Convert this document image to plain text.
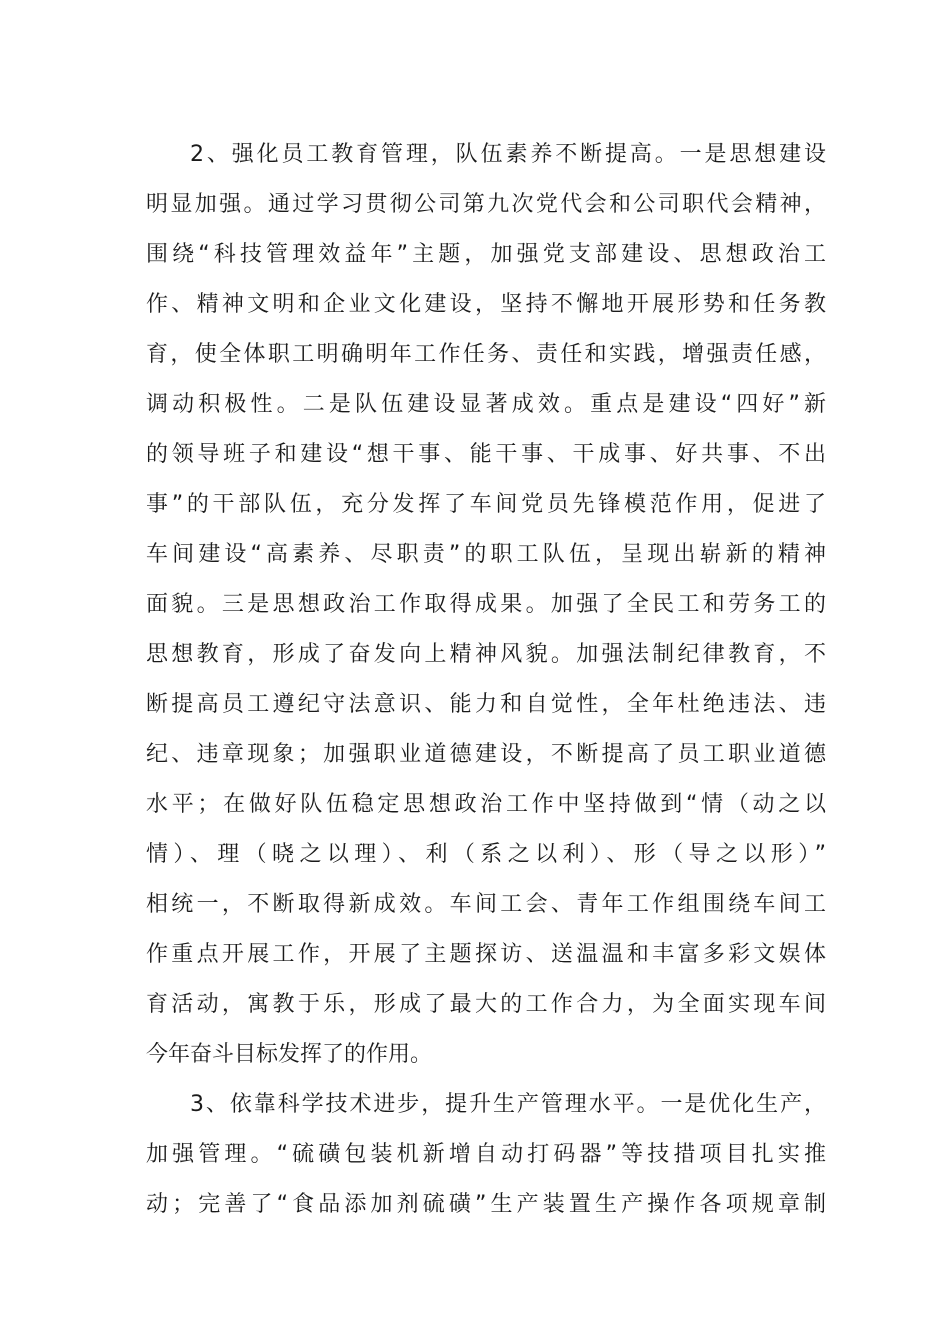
2、强化员工教育管理，队伍素养不断提高。一是思想建设
明显加强。通过学习贯彻公司第九次党代会和公司职代会精神，
围绕“科技管理效益年”主题，加强党支部建设、思想政治工
作、精神文明和企业文化建设，坚持不懈地开展形势和任务教
育，使全体职工明确明年工作任务、责任和实践，增强责任感，
调动积极性。二是队伍建设显著成效。重点是建设“四好”新
的领导班子和建设“想干事、能干事、干成事、好共事、不出
事”的干部队伍，充分发挥了车间党员先锋模范作用，促进了
车间建设“高素养、尽职责”的职工队伍，呈现出崭新的精神
面貌。三是思想政治工作取得成果。加强了全民工和劳务工的
思想教育，形成了奋发向上精神风貌。加强法制纪律教育，不
断提高员工遵纪守法意识、能力和自觉性，全年杜绝违法、违
纪、违章现象；加强职业道德建设，不断提高了员工职业道德
水平；在做好队伍稳定思想政治工作中坚持做到“情（动之以
情）、理（晓之以理）、利（系之以利）、形（导之以形）”
相统一，不断取得新成效。车间工会、青年工作组围绕车间工
作重点开展工作，开展了主题探访、送温温和丰富多彩文娱体
育活动，寓教于乐，形成了最大的工作合力，为全面实现车间
今年奋斗目标发挥了的作用。
3、依靠科学技术进步，提升生产管理水平。一是优化生产，
加强管理。“硫磺包装机新增自动打码器”等技措项目扎实推
动；完善了“食品添加剂硫磺”生产装置生产操作各项规章制
